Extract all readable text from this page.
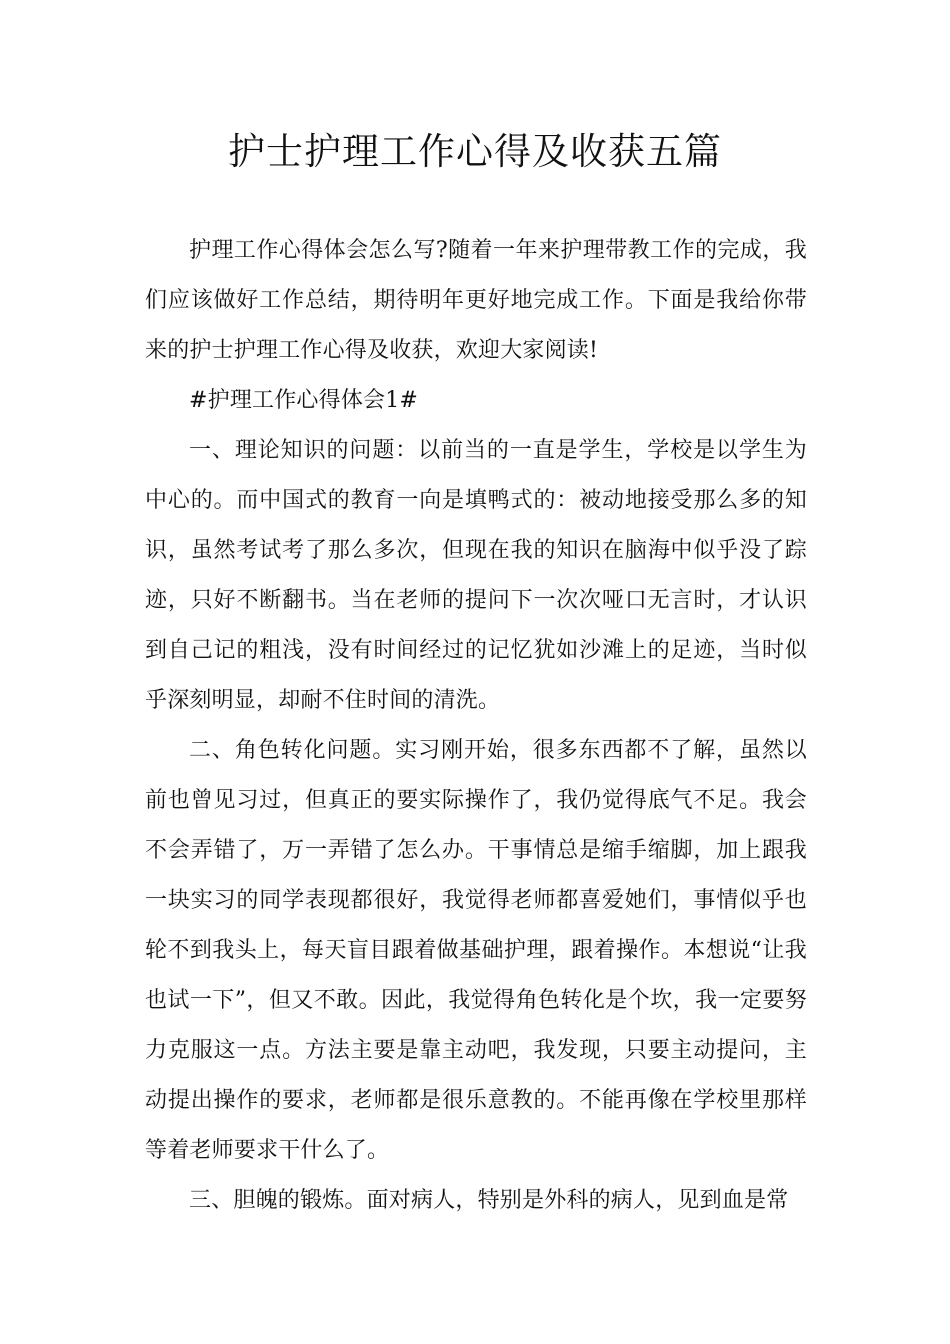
护士护理工作心得及收获五篇

护理工作心得体会怎么写?随着一年来护理带教工作的完成，我们应该做好工作总结，期待明年更好地完成工作。下面是我给你带来的护士护理工作心得及收获，欢迎大家阅读!

#护理工作心得体会1#

一、理论知识的问题：以前当的一直是学生，学校是以学生为中心的。而中国式的教育一向是填鸭式的：被动地接受那么多的知识，虽然考试考了那么多次，但现在我的知识在脑海中似乎没了踪迹，只好不断翻书。当在老师的提问下一次次哑口无言时，才认识到自己记的粗浅，没有时间经过的记忆犹如沙滩上的足迹，当时似乎深刻明显，却耐不住时间的清洗。

二、角色转化问题。实习刚开始，很多东西都不了解，虽然以前也曾见习过，但真正的要实际操作了，我仍觉得底气不足。我会不会弄错了，万一弄错了怎么办。干事情总是缩手缩脚，加上跟我一块实习的同学表现都很好，我觉得老师都喜爱她们，事情似乎也轮不到我头上，每天盲目跟着做基础护理，跟着操作。本想说“让我也试一下”，但又不敢。因此，我觉得角色转化是个坎，我一定要努力克服这一点。方法主要是靠主动吧，我发现，只要主动提问，主动提出操作的要求，老师都是很乐意教的。不能再像在学校里那样等着老师要求干什么了。

三、胆魄的锻炼。面对病人，特别是外科的病人，见到血是常
